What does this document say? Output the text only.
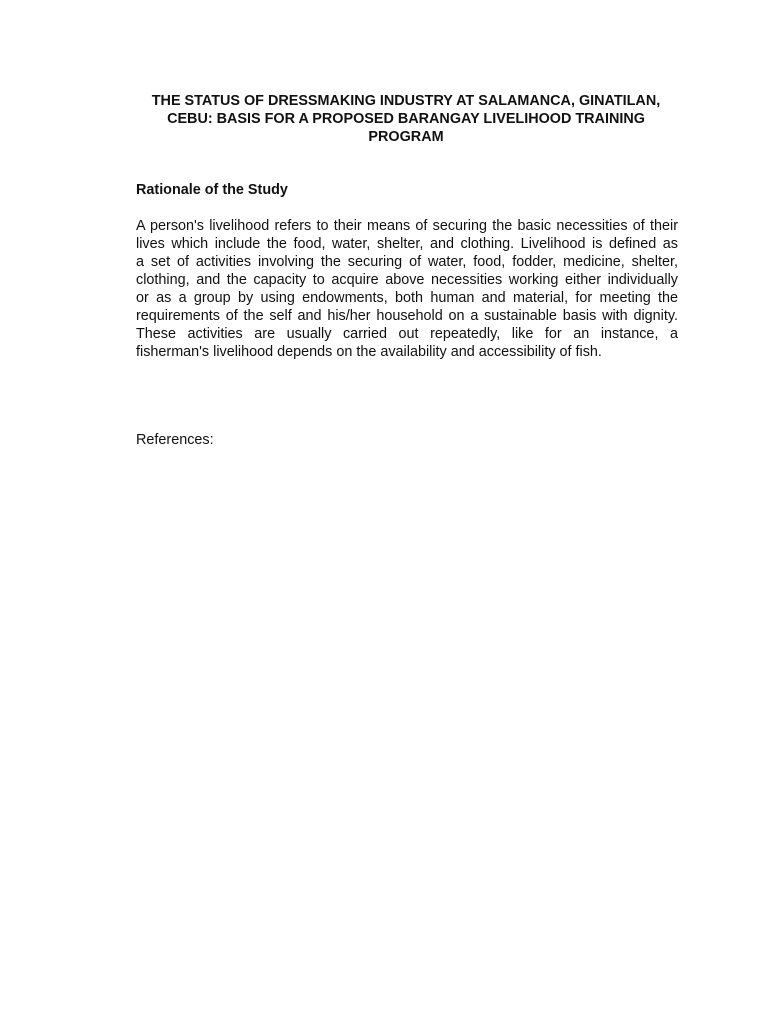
THE STATUS OF DRESSMAKING INDUSTRY AT SALAMANCA, GINATILAN,
CEBU: BASIS FOR A PROPOSED BARANGAY LIVELIHOOD TRAINING
PROGRAM
Rationale of the Study
A person's livelihood refers to their means of securing the basic necessities of their
lives which include the food, water, shelter, and clothing. Livelihood is defined as
a set of activities involving the securing of water, food, fodder, medicine, shelter,
clothing, and the capacity to acquire above necessities working either individually
or as a group by using endowments, both human and material, for meeting the
requirements of the self and his/her household on a sustainable basis with dignity.
These activities are usually carried out repeatedly, like for an instance, a
fisherman's livelihood depends on the availability and accessibility of fish.

References:
